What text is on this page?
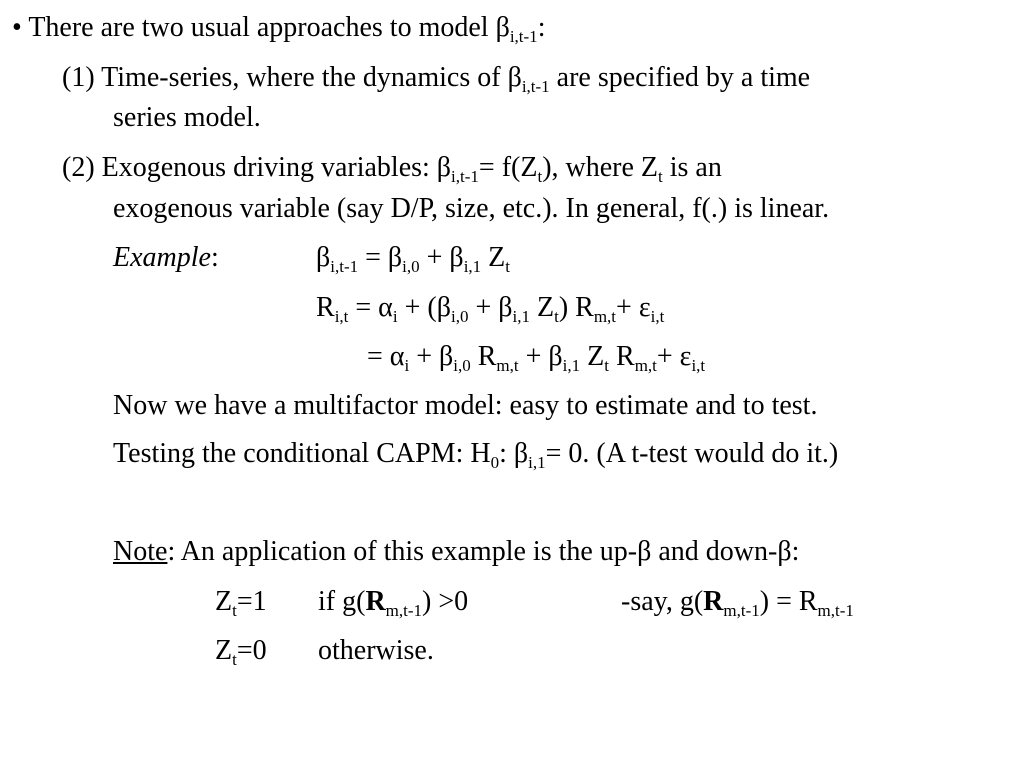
• There are two usual approaches to model $\beta_{i,t-1}$:
(1) Time-series, where the dynamics of $\beta_{i,t-1}$ are specified by a time
series model.
(2) Exogenous driving variables: $\beta_{i,t-1}= f(Z_t)$, where $Z_t$ is an
exogenous variable (say D/P, size, etc.). In general, f(.) is linear.
Example:	$\beta_{i,t-1} = \beta_{i,0} + \beta_{i,1}$ $Z_t$
$R_{i,t} = \alpha_i + (\beta_{i,0} + \beta_{i,1}$ $Z_t$) $R_{m,t}+ \varepsilon_{i,t}$
= $\alpha_i + \beta_{i,0}$ $R_{m,t} + \beta_{i,1}$ $Z_t$ $R_{m,t}+ \varepsilon_{i,t}$
Now we have a multifactor model: easy to estimate and to test.
Testing the conditional CAPM: $H_0$: $\beta_{i,1}= 0$. (A t-test would do it.)
Note: An application of this example is the up-β and down-β:
$Z_t=1$ if $g(R_{m,t-1}) >0$	-say, $g(R_{m,t-1}) = R_{m,t-1}$
$Z_t=0$ otherwise.
